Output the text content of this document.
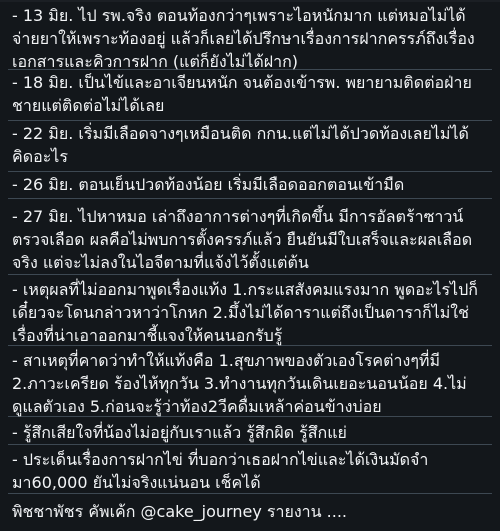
- 13 มิย. ไป รพ.จริง ตอนท้องกว่าๆเพราะไอหนักมาก แต่หมอไม่ได้จ่ายยาให้เพราะท้องอยู่ แล้วก็เลยได้ปรึกษาเรื่องการฝากครรภ์ถึงเรื่องเอกสารและคิวการฝาก (แต่ก็ยังไม่ได้ฝาก)

- 18 มิย. เป็นไข้และอาเจียนหนัก จนต้องเข้ารพ. พยายามติดต่อฝ่ายชายแต่ติดต่อไม่ได้เลย

- 22 มิย. เริ่มมีเลือดจางๆเหมือนติด กกน.แต่ไม่ได้ปวดท้องเลยไม่ได้คิดอะไร

- 26 มิย. ตอนเย็นปวดท้องน้อย เริ่มมีเลือดออกตอนเข้ามืด

- 27 มิย. ไปหาหมอ เล่าถึงอาการต่างๆที่เกิดขึ้น มีการอัลตร้าซาวน์ ตรวจเลือด ผลคือไม่พบการตั้งครรภ์แล้ว ยืนยันมีใบเสร็จและผลเลือดจริง แต่จะไม่ลงในไอจีตามที่แจ้งไว้ตั้งแต่ต้น

- เหตุผลที่ไม่ออกมาพูดเรื่องแท้ง 1.กระแสสังคมแรงมาก พูดอะไรไปก็เดี๋ยวจะโดนกล่าวหาว่าโกหก 2.มึ้งไม่ได้ดาราแต่ถึงเป็นดาราก็ไม่ใช่เรื่องที่น่าเอาออกมาชี้แจงให้คนนอกรับรู้

- สาเหตุที่คาดว่าทำให้แท้งคือ 1.สุขภาพของตัวเองโรคต่างๆที่มี 2.ภาวะเครียด ร้องไห้ทุกวัน 3.ทำงานทุกวันเดินเยอะนอนน้อย 4.ไม่ดูแลตัวเอง 5.ก่อนจะรู้ว่าท้อง2วีคดื่มเหล้าค่อนข้างบ่อย

- รู้สึกเสียใจที่น้องไม่อยู่กับเราแล้ว รู้สึกผิด รู้สึกแย่

- ประเด็นเรื่องการฝากไข่ ที่บอกว่าเธอฝากไข่และได้เงินมัดจำมา60,000 ยันไม่จริงแน่นอน เช็คได้

พิชชาพัชร คัพเค้ก @cake_journey รายงาน ....
